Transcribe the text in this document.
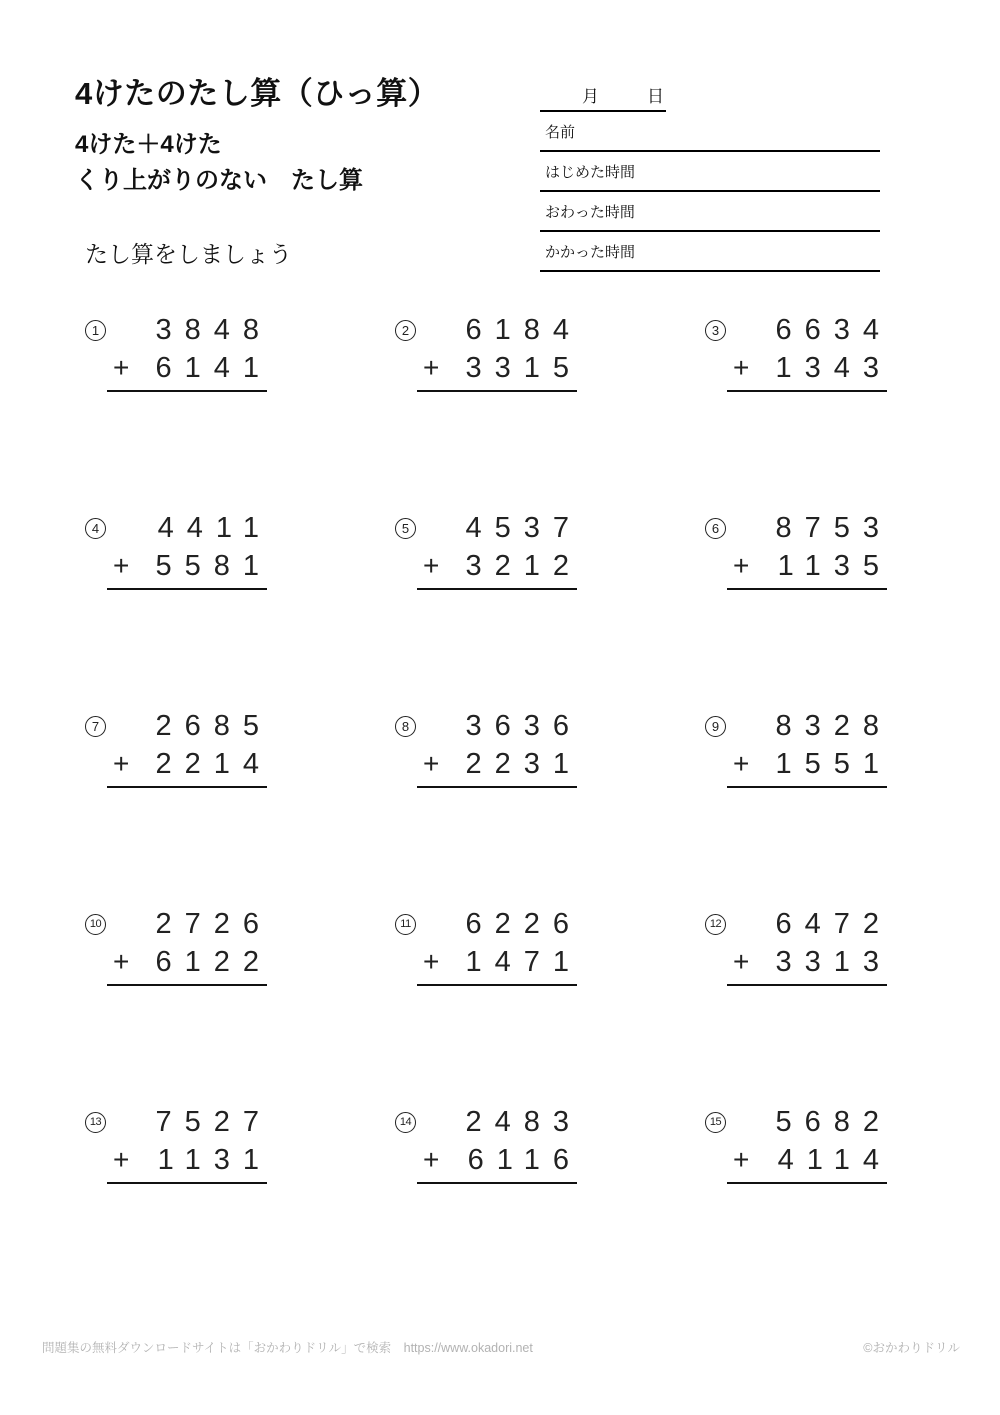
4けたのたし算（ひっ算）
4けた＋4けた
くり上がりのない　たし算
たし算をしましょう
月	日
名前
はじめた時間
おわった時間
かかった時間
1 3848
+ 6141
2 6184
+ 3315
3 6634
+ 1343
4 4411
+ 5581
5 4537
+ 3212
6 8753
+ 1135
7 2685
+ 2214
8 3636
+ 2231
9 8328
+ 1551
10 2726
+ 6122
11 6226
+ 1471
12 6472
+ 3313
13 7527
+ 1131
14 2483
+ 6116
15 5682
+ 4114
問題集の無料ダウンロードサイトは「おかわりドリル」で検索　https://www.okadori.net	©おかわりドリル
